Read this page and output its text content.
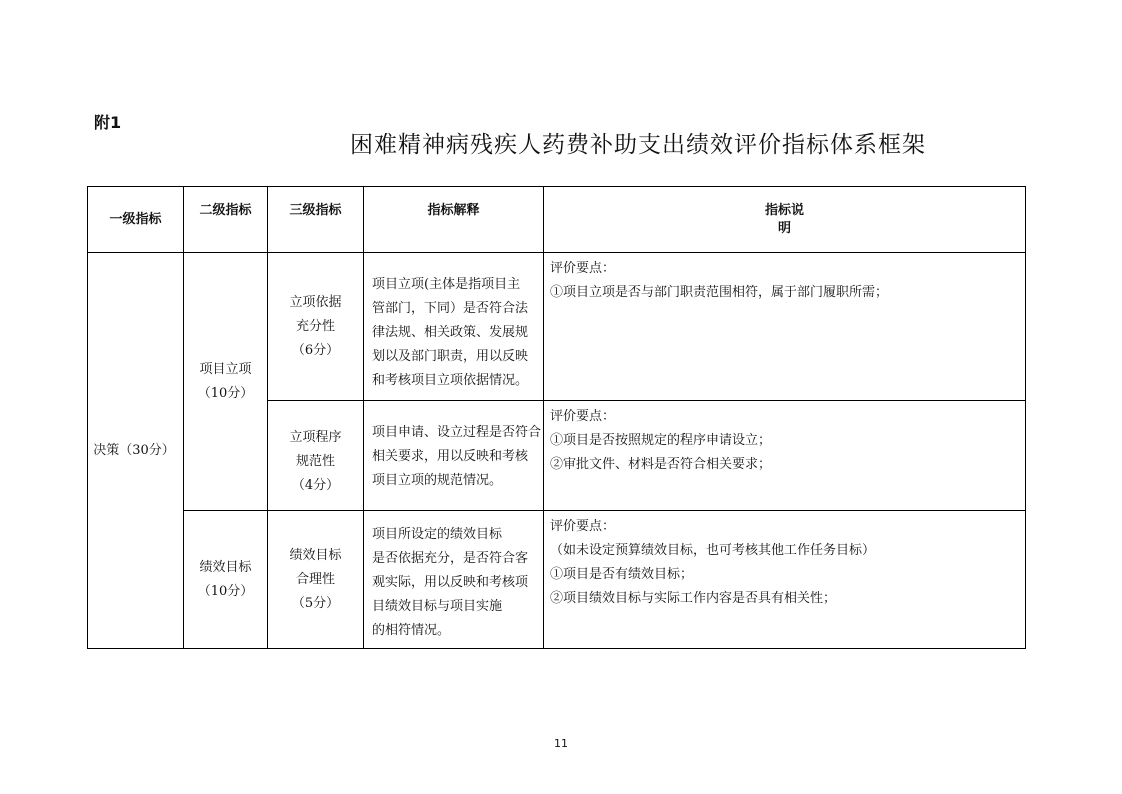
附1
困难精神病残疾人药费补助支出绩效评价指标体系框架
一级指标	二级指标	三级指标	指标解释	指标说
明

决策（30分）	项目立项
（10分）	立项依据
充分性
（6分）	项目立项(主体是指项目主
管部门，下同）是否符合法
律法规、相关政策、发展规
划以及部门职责，用以反映
和考核项目立项依据情况。	评价要点：
①项目立项是否与部门职责范围相符，属于部门履职所需；

		立项程序
规范性
（4分）	项目申请、设立过程是否符合
相关要求，用以反映和考核
项目立项的规范情况。	评价要点：
①项目是否按照规定的程序申请设立；
②审批文件、材料是否符合相关要求；

	绩效目标
（10分）	绩效目标
合理性
（5分）	项目所设定的绩效目标
是否依据充分，是否符合客
观实际，用以反映和考核项
目绩效目标与项目实施
的相符情况。	评价要点：
（如未设定预算绩效目标，也可考核其他工作任务目标）
①项目是否有绩效目标；
②项目绩效目标与实际工作内容是否具有相关性；
11
